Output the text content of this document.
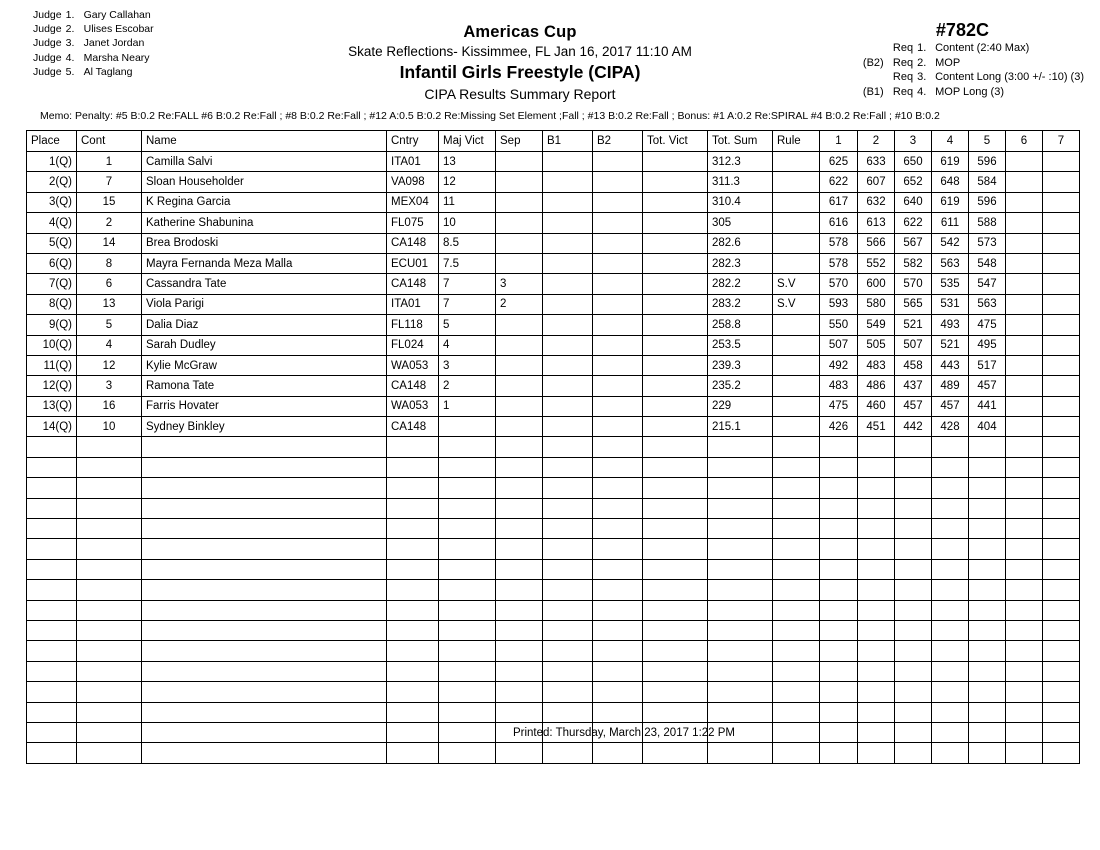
Judge 1. Gary Callahan
Judge 2. Ulises Escobar
Judge 3. Janet Jordan
Judge 4. Marsha Neary
Judge 5. Al Taglang
Americas Cup
Skate Reflections- Kissimmee, FL Jan 16, 2017 11:10 AM
Infantil Girls Freestyle (CIPA)
CIPA Results Summary Report
#782C
Req 1. Content (2:40 Max)
(B2) Req 2. MOP
Req 3. Content Long (3:00 +/- :10) (3)
(B1) Req 4. MOP Long (3)
Memo: Penalty: #5 B:0.2 Re:FALL #6 B:0.2 Re:Fall ; #8 B:0.2 Re:Fall ; #12 A:0.5 B:0.2 Re:Missing Set Element ;Fall ; #13 B:0.2 Re:Fall ; Bonus: #1 A:0.2 Re:SPIRAL #4 B:0.2 Re:Fall ; #10 B:0.2
Place	Cont	Name	Cntry	Maj Vict	Sep	B1	B2	Tot. Vict	Tot. Sum	Rule	1	2	3	4	5	6	7
1(Q)	1	Camilla Salvi	ITA01	13					312.3		625	633	650	619	596		
2(Q)	7	Sloan Householder	VA098	12					311.3		622	607	652	648	584		
3(Q)	15	K Regina Garcia	MEX04	11					310.4		617	632	640	619	596		
4(Q)	2	Katherine Shabunina	FL075	10					305		616	613	622	611	588		
5(Q)	14	Brea Brodoski	CA148	8.5					282.6		578	566	567	542	573		
6(Q)	8	Mayra Fernanda Meza Malla	ECU01	7.5					282.3		578	552	582	563	548		
7(Q)	6	Cassandra Tate	CA148	7	3				282.2	S.V	570	600	570	535	547		
8(Q)	13	Viola Parigi	ITA01	7	2				283.2	S.V	593	580	565	531	563		
9(Q)	5	Dalia Diaz	FL118	5					258.8		550	549	521	493	475		
10(Q)	4	Sarah Dudley	FL024	4					253.5		507	505	507	521	495		
11(Q)	12	Kylie McGraw	WA053	3					239.3		492	483	458	443	517		
12(Q)	3	Ramona Tate	CA148	2					235.2		483	486	437	489	457		
13(Q)	16	Farris Hovater	WA053	1					229		475	460	457	457	441		
14(Q)	10	Sydney Binkley	CA148						215.1		426	451	442	428	404		

Printed: Thursday, March 23, 2017 1:22 PM
